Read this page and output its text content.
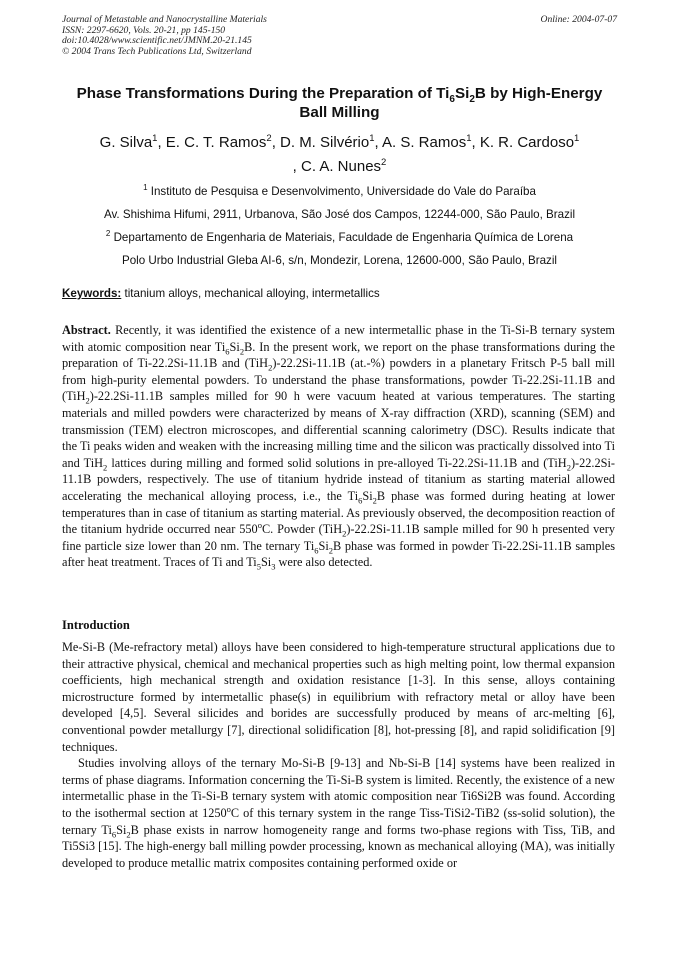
Journal of Metastable and Nanocrystalline Materials
ISSN: 2297-6620, Vols. 20-21, pp 145-150
doi:10.4028/www.scientific.net/JMNM.20-21.145
© 2004 Trans Tech Publications Ltd, Switzerland
Online: 2004-07-07
Phase Transformations During the Preparation of $Ti_6Si_2B$ by High-Energy Ball Milling
G. Silva$^1$, E. C. T. Ramos$^2$, D. M. Silvério$^1$, A. S. Ramos$^1$, K. R. Cardoso$^1$
, C. A. Nunes$^2$
$^1$ Instituto de Pesquisa e Desenvolvimento, Universidade do Vale do Paraíba
Av. Shishima Hifumi, 2911, Urbanova, São José dos Campos, 12244-000, São Paulo, Brazil
$^2$ Departamento de Engenharia de Materiais, Faculdade de Engenharia Química de Lorena
Polo Urbo Industrial Gleba AI-6, s/n, Mondezir, Lorena, 12600-000, São Paulo, Brazil
Keywords: titanium alloys, mechanical alloying, intermetallics

Abstract. Recently, it was identified the existence of a new intermetallic phase in the Ti-Si-B ternary system with atomic composition near $Ti_6Si_2B$. In the present work, we report on the phase transformations during the preparation of Ti-22.2Si-11.1B and (TiH$_2$)-22.2Si-11.1B (at.-%) powders in a planetary Fritsch P-5 ball mill from high-purity elemental powders. To understand the phase transformations, powder Ti-22.2Si-11.1B and (TiH$_2$)-22.2Si-11.1B samples milled for 90 h were vacuum heated at various temperatures. The starting materials and milled powders were characterized by means of X-ray diffraction (XRD), scanning (SEM) and transmission (TEM) electron microscopes, and differential scanning calorimetry (DSC). Results indicate that the Ti peaks widen and weaken with the increasing milling time and the silicon was practically dissolved into Ti and TiH$_2$ lattices during milling and formed solid solutions in pre-alloyed Ti-22.2Si-11.1B and (TiH$_2$)-22.2Si-11.1B powders, respectively. The use of titanium hydride instead of titanium as starting material allowed accelerating the mechanical alloying process, i.e., the $Ti_6Si_2B$ phase was formed during heating at lower temperatures than in case of titanium as starting material. As previously observed, the decomposition reaction of the titanium hydride occurred near 550$^o$C. Powder (TiH$_2$)-22.2Si-11.1B sample milled for 90 h presented very fine particle size lower than 20 nm. The ternary $Ti_6Si_2B$ phase was formed in powder Ti-22.2Si-11.1B samples after heat treatment. Traces of Ti and $Ti_5Si_3$ were also detected.

Introduction

Me-Si-B (Me-refractory metal) alloys have been considered to high-temperature structural applications due to their attractive physical, chemical and mechanical properties such as high melting point, low thermal expansion coefficients, high mechanical strength and oxidation resistance [1-3]. In this sense, alloys containing microstructure formed by intermetallic phase(s) in equilibrium with refractory metal or alloy have been developed [4,5]. Several silicides and borides are successfully produced by means of arc-melting [6], conventional powder metallurgy [7], directional solidification [8], hot-pressing [8], and rapid solidification [9] techniques.

Studies involving alloys of the ternary Mo-Si-B [9-13] and Nb-Si-B [14] systems have been realized in terms of phase diagrams. Information concerning the Ti-Si-B system is limited. Recently, the existence of a new intermetallic phase in the Ti-Si-B ternary system with atomic composition near Ti6Si2B was found. According to the isothermal section at 1250$^o$C of this ternary system in the range Tiss-TiSi2-TiB2 (ss-solid solution), the ternary $Ti_6Si_2B$ phase exists in narrow homogeneity range and forms two-phase regions with Tiss, TiB, and Ti5Si3 [15]. The high-energy ball milling powder processing, known as mechanical alloying (MA), was initially developed to produce metallic matrix composites containing performed oxide or
